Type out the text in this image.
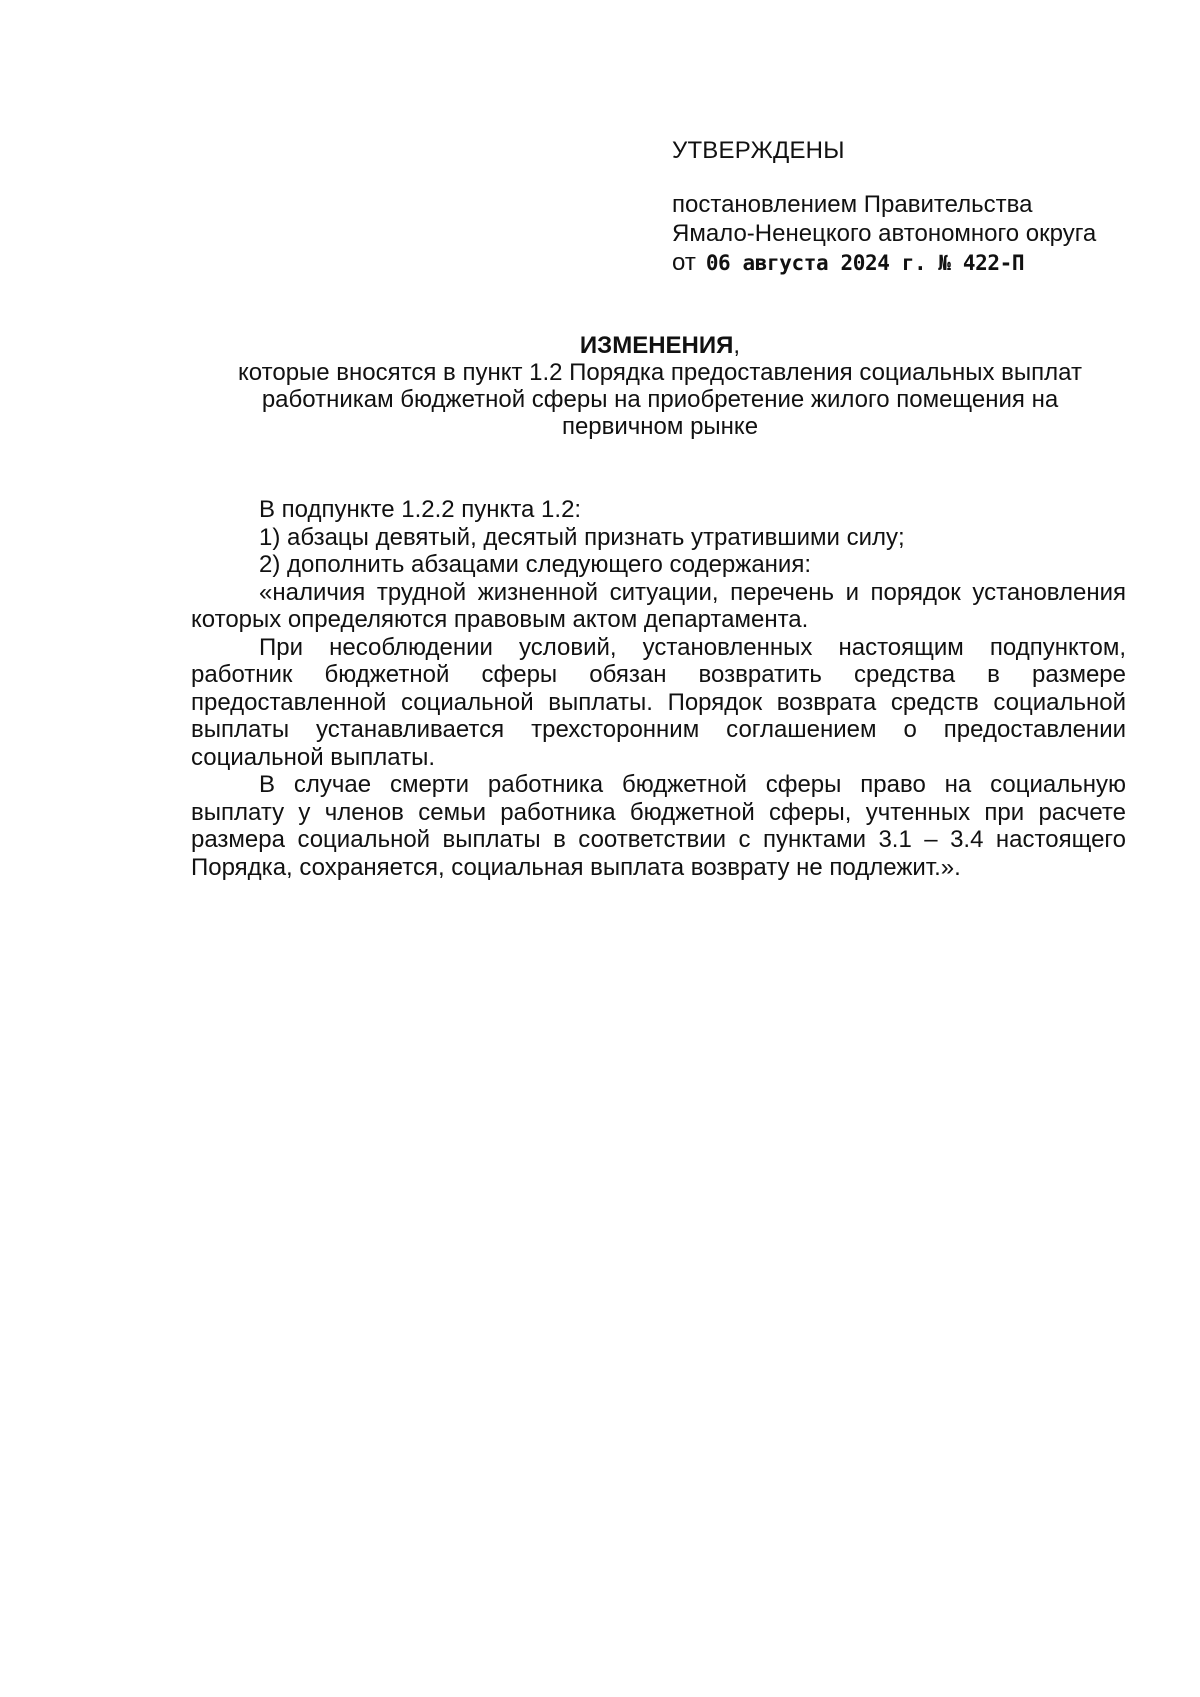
УТВЕРЖДЕНЫ
постановлением Правительства
Ямало-Ненецкого автономного округа
от 06 августа 2024 г. № 422-П
ИЗМЕНЕНИЯ,
которые вносятся в пункт 1.2 Порядка предоставления социальных выплат
работникам бюджетной сферы на приобретение жилого помещения на
первичном рынке

В подпункте 1.2.2 пункта 1.2:

1) абзацы девятый, десятый признать утратившими силу;

2) дополнить абзацами следующего содержания:

«наличия трудной жизненной ситуации, перечень и порядок установления которых определяются правовым актом департамента.

При несоблюдении условий, установленных настоящим подпунктом, работник бюджетной сферы обязан возвратить средства в размере предоставленной социальной выплаты. Порядок возврата средств социальной выплаты устанавливается трехсторонним соглашением о предоставлении социальной выплаты.

В случае смерти работника бюджетной сферы право на социальную выплату у членов семьи работника бюджетной сферы, учтенных при расчете размера социальной выплаты в соответствии с пунктами 3.1 – 3.4 настоящего Порядка, сохраняется, социальная выплата возврату не подлежит.».
